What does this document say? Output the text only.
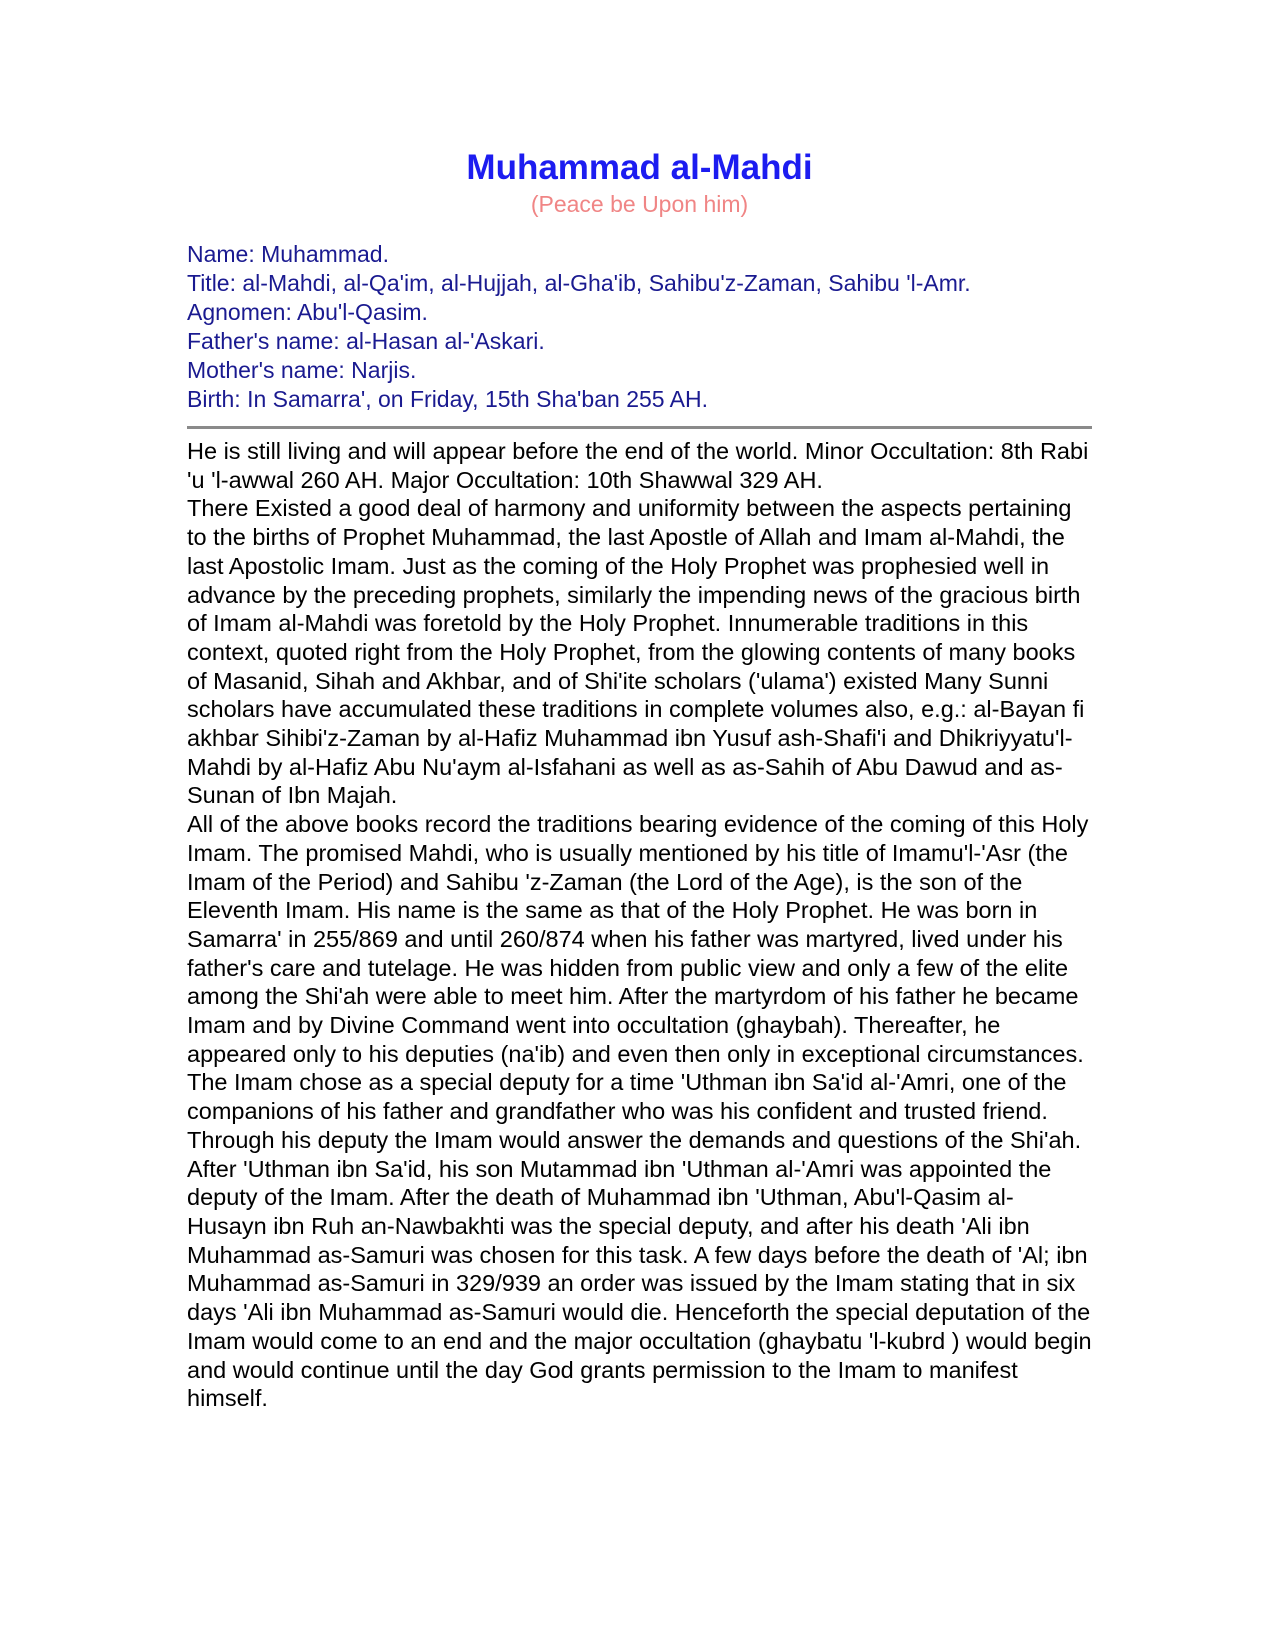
Muhammad al-Mahdi
(Peace be Upon him)
Name: Muhammad.
Title: al-Mahdi, al-Qa'im, al-Hujjah, al-Gha'ib, Sahibu'z-Zaman, Sahibu 'l-Amr.
Agnomen: Abu'l-Qasim.
Father's name: al-Hasan al-'Askari.
Mother's name: Narjis.
Birth: In Samarra', on Friday, 15th Sha'ban 255 AH.

He is still living and will appear before the end of the world. Minor Occultation: 8th Rabi 'u 'l-awwal 260 AH. Major Occultation: 10th Shawwal 329 AH.

There Existed a good deal of harmony and uniformity between the aspects pertaining to the births of Prophet Muhammad, the last Apostle of Allah and Imam al-Mahdi, the last Apostolic Imam. Just as the coming of the Holy Prophet was prophesied well in advance by the preceding prophets, similarly the impending news of the gracious birth of Imam al-Mahdi was foretold by the Holy Prophet. Innumerable traditions in this context, quoted right from the Holy Prophet, from the glowing contents of many books of Masanid, Sihah and Akhbar, and of Shi'ite scholars ('ulama') existed Many Sunni scholars have accumulated these traditions in complete volumes also, e.g.: al-Bayan fi akhbar Sihibi'z-Zaman by al-Hafiz Muhammad ibn Yusuf ash-Shafi'i and Dhikriyyatu'l-Mahdi by al-Hafiz Abu Nu'aym al-Isfahani as well as as-Sahih of Abu Dawud and as-Sunan of Ibn Majah.

All of the above books record the traditions bearing evidence of the coming of this Holy Imam. The promised Mahdi, who is usually mentioned by his title of Imamu'l-'Asr (the Imam of the Period) and Sahibu 'z-Zaman (the Lord of the Age), is the son of the Eleventh Imam. His name is the same as that of the Holy Prophet. He was born in Samarra' in 255/869 and until 260/874 when his father was martyred, lived under his father's care and tutelage. He was hidden from public view and only a few of the elite among the Shi'ah were able to meet him. After the martyrdom of his father he became Imam and by Divine Command went into occultation (ghaybah). Thereafter, he appeared only to his deputies (na'ib) and even then only in exceptional circumstances.

The Imam chose as a special deputy for a time 'Uthman ibn Sa'id al-'Amri, one of the companions of his father and grandfather who was his confident and trusted friend. Through his deputy the Imam would answer the demands and questions of the Shi'ah. After 'Uthman ibn Sa'id, his son Mutammad ibn 'Uthman al-'Amri was appointed the deputy of the Imam. After the death of Muhammad ibn 'Uthman, Abu'l-Qasim al-Husayn ibn Ruh an-Nawbakhti was the special deputy, and after his death 'Ali ibn Muhammad as-Samuri was chosen for this task. A few days before the death of 'Al; ibn Muhammad as-Samuri in 329/939 an order was issued by the Imam stating that in six days 'Ali ibn Muhammad as-Samuri would die. Henceforth the special deputation of the Imam would come to an end and the major occultation (ghaybatu 'l-kubrd ) would begin and would continue until the day God grants permission to the Imam to manifest himself.
